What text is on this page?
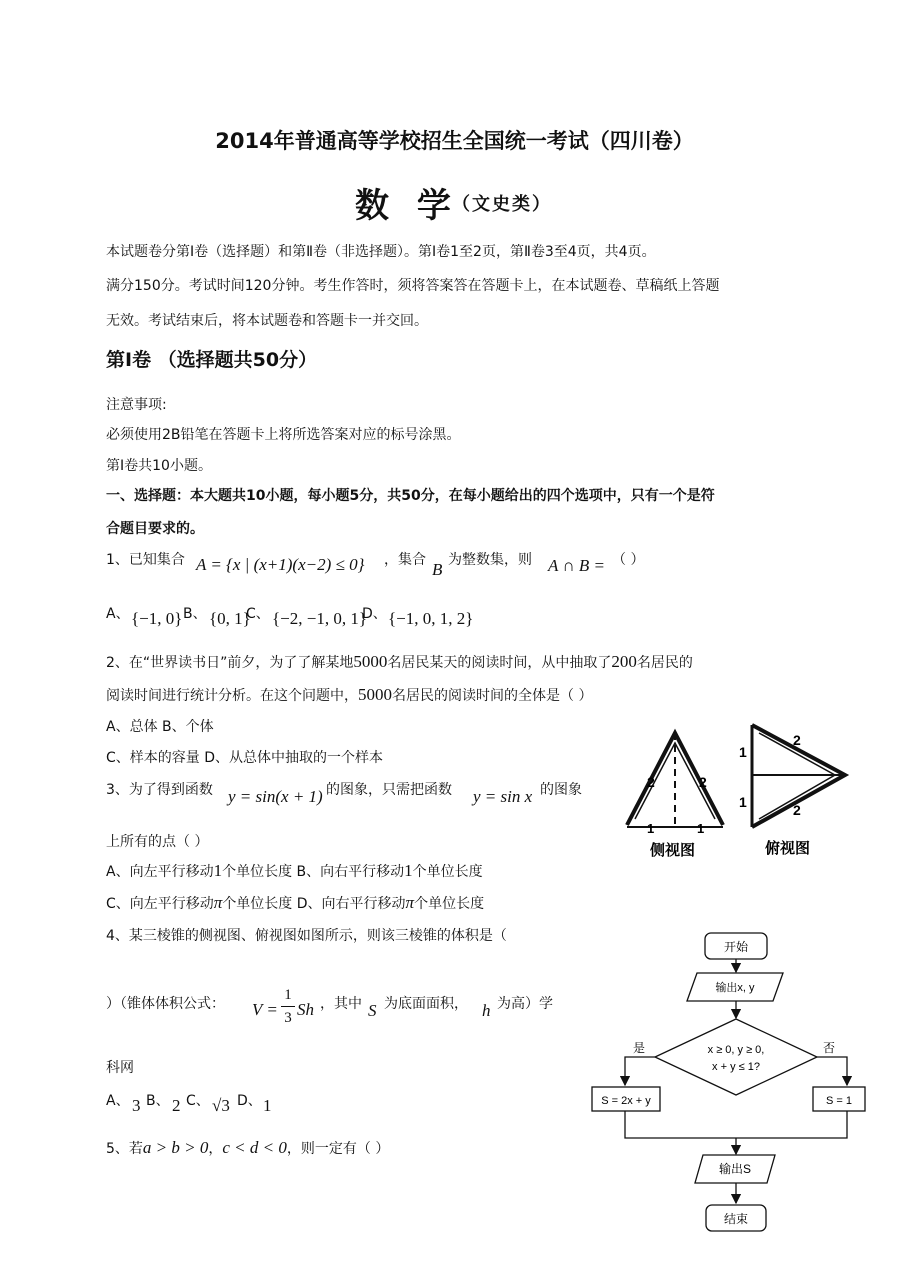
2014年普通高等学校招生全国统一考试（四川卷）
数 学
（文史类）
本试题卷分第Ⅰ卷（选择题）和第Ⅱ卷（非选择题）。第Ⅰ卷1至2页，第Ⅱ卷3至4页，共4页。
满分150分。考试时间120分钟。考生作答时，须将答案答在答题卡上，在本试题卷、草稿纸上答题
无效。考试结束后，将本试题卷和答题卡一并交回。
第Ⅰ卷 （选择题共50分）
注意事项:
必须使用2B铅笔在答题卡上将所选答案对应的标号涂黑。
第Ⅰ卷共10小题。
一、选择题：本大题共10小题，每小题5分，共50分，在每小题给出的四个选项中，只有一个是符
合题目要求的。
1、已知集合 A = {x | (x+1)(x−2) ≤ 0} ，集合 B 为整数集，则 A ∩ B = （ ）
A、 {−1, 0} B、 {0, 1}
C、 {−2, −1, 0, 1}
D、 {−1, 0, 1, 2}
2、在“世界读书日”前夕，为了了解某地5000名居民某天的阅读时间，从中抽取了200名居民的
阅读时间进行统计分析。在这个问题中，5000名居民的阅读时间的全体是（ ）
A、总体 B、个体
C、样本的容量 D、从总体中抽取的一个样本
3、为了得到函数 y = sin(x + 1) 的图象，只需把函数 y = sin x 的图象
上所有的点（ ）
A、向左平行移动1个单位长度 B、向右平行移动1个单位长度
C、向左平行移动π个单位长度 D、向右平行移动π个单位长度
4、某三棱锥的侧视图、俯视图如图所示，则该三棱锥的体积是（
）（锥体体积公式： V =
1
3 Sh ，其中 S 为底面面积， h 为高）学
科网
A、 3 B、 2 C、 √3 D、 1
5、若a > b > 0，c < d < 0，则一定有（ ）
2	2
1	1
侧视图
1
1
2
2
俯视图
开始
输出x, y
x ≥ 0, y ≥ 0,
x + y ≤ 1?
是	否
S = 2x + y	S = 1
输出S
结束
